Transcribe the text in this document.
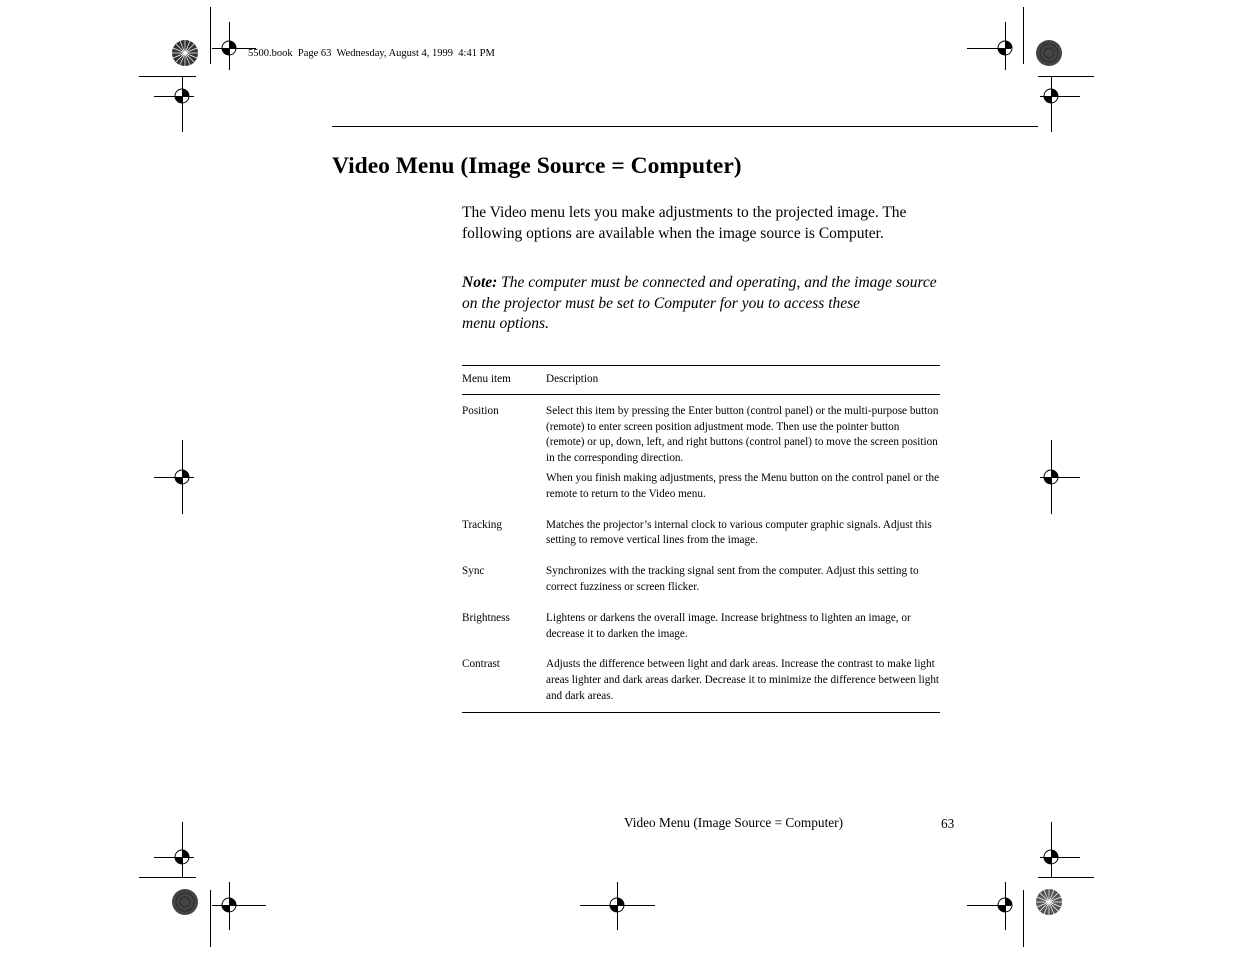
5500.book  Page 63  Wednesday, August 4, 1999  4:41 PM
Video Menu (Image Source = Computer)

The Video menu lets you make adjustments to the projected image. The following options are available when the image source is Computer.

Note: The computer must be connected and operating, and the image source on the projector must be set to Computer for you to access these
menu options.

Menu item	Description
Position	Select this item by pressing the Enter button (control panel) or the multi-purpose button (remote) to enter screen position adjustment mode. Then use the pointer button (remote) or up, down, left, and right buttons (control panel) to move the screen position in the corresponding direction.

When you finish making adjustments, press the Menu button on the control panel or the remote to return to the Video menu.

Tracking	Matches the projector’s internal clock to various computer graphic signals. Adjust this setting to remove vertical lines from the image.

Sync	Synchronizes with the tracking signal sent from the computer. Adjust this setting to correct fuzziness or screen flicker.

Brightness	Lightens or darkens the overall image. Increase brightness to lighten an image, or decrease it to darken the image.

Contrast	Adjusts the difference between light and dark areas. Increase the contrast to make light areas lighter and dark areas darker. Decrease it to minimize the difference between light and dark areas.

Video Menu (Image Source = Computer)	63
